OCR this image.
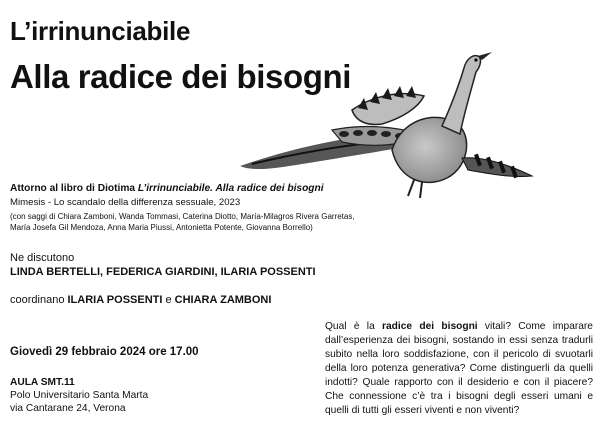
L’irrinunciabile
Alla radice dei bisogni
Attorno al libro di Diotima L’irrinunciabile. Alla radice dei bisogni
Mimesis - Lo scandalo della differenza sessuale, 2023
(con saggi di Chiara Zamboni, Wanda Tommasi, Caterina Diotto, María-Milagros Rivera Garretas,
María Josefa Gil Mendoza, Anna Maria Piussi, Antonietta Potente, Giovanna Borrello)
Ne discutono
LINDA BERTELLI, FEDERICA GIARDINI, ILARIA POSSENTI
coordinano ILARIA POSSENTI e CHIARA ZAMBONI
Giovedì 29 febbraio 2024 ore 17.00
AULA SMT.11
Polo Universitario Santa Marta
via Cantarane 24, Verona
Qual è la radice dei bisogni vitali? Come imparare dall’esperienza dei bisogni, sostando in essi senza tradurli subito nella loro soddisfazione, con il pericolo di svuotarli della loro potenza generativa? Come distinguerli da quelli indotti? Quale rapporto con il desiderio e con il piacere? Che connessione c’è tra i bisogni degli esseri umani e quelli di tutti gli esseri viventi e non viventi?
